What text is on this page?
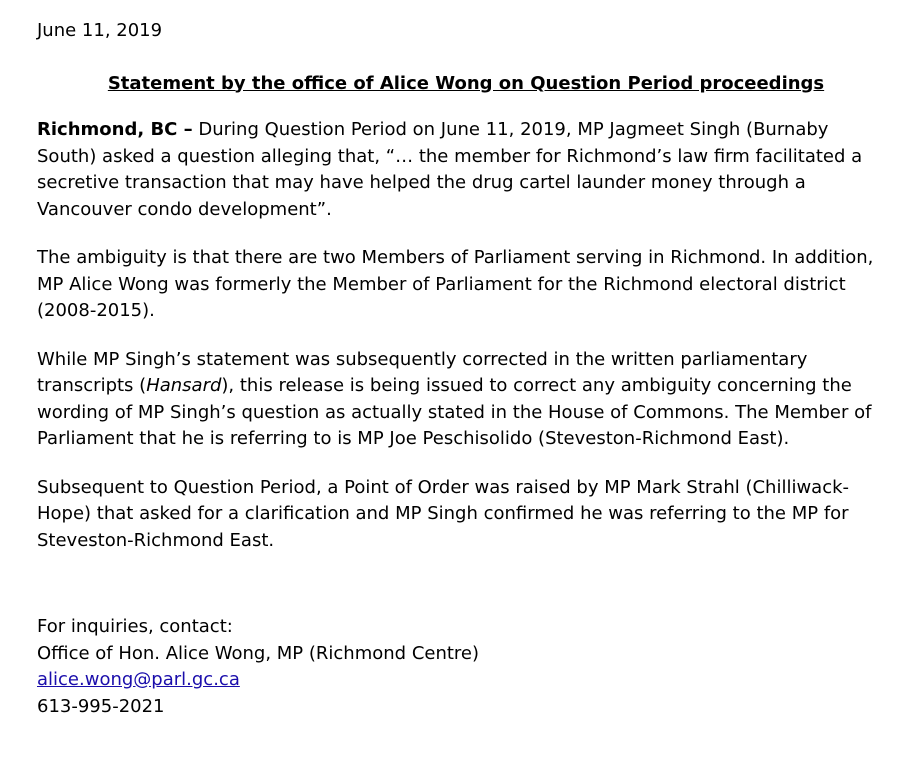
June 11, 2019

Statement by the office of Alice Wong on Question Period proceedings

Richmond, BC – During Question Period on June 11, 2019, MP Jagmeet Singh (Burnaby South) asked a question alleging that, “… the member for Richmond’s law firm facilitated a secretive transaction that may have helped the drug cartel launder money through a Vancouver condo development”.

The ambiguity is that there are two Members of Parliament serving in Richmond. In addition, MP Alice Wong was formerly the Member of Parliament for the Richmond electoral district (2008-2015).

While MP Singh’s statement was subsequently corrected in the written parliamentary transcripts (Hansard), this release is being issued to correct any ambiguity concerning the wording of MP Singh’s question as actually stated in the House of Commons. The Member of Parliament that he is referring to is MP Joe Peschisolido (Steveston-Richmond East).

Subsequent to Question Period, a Point of Order was raised by MP Mark Strahl (Chilliwack-Hope) that asked for a clarification and MP Singh confirmed he was referring to the MP for Steveston-Richmond East.

For inquiries, contact:
Office of Hon. Alice Wong, MP (Richmond Centre)
alice.wong@parl.gc.ca
613-995-2021
